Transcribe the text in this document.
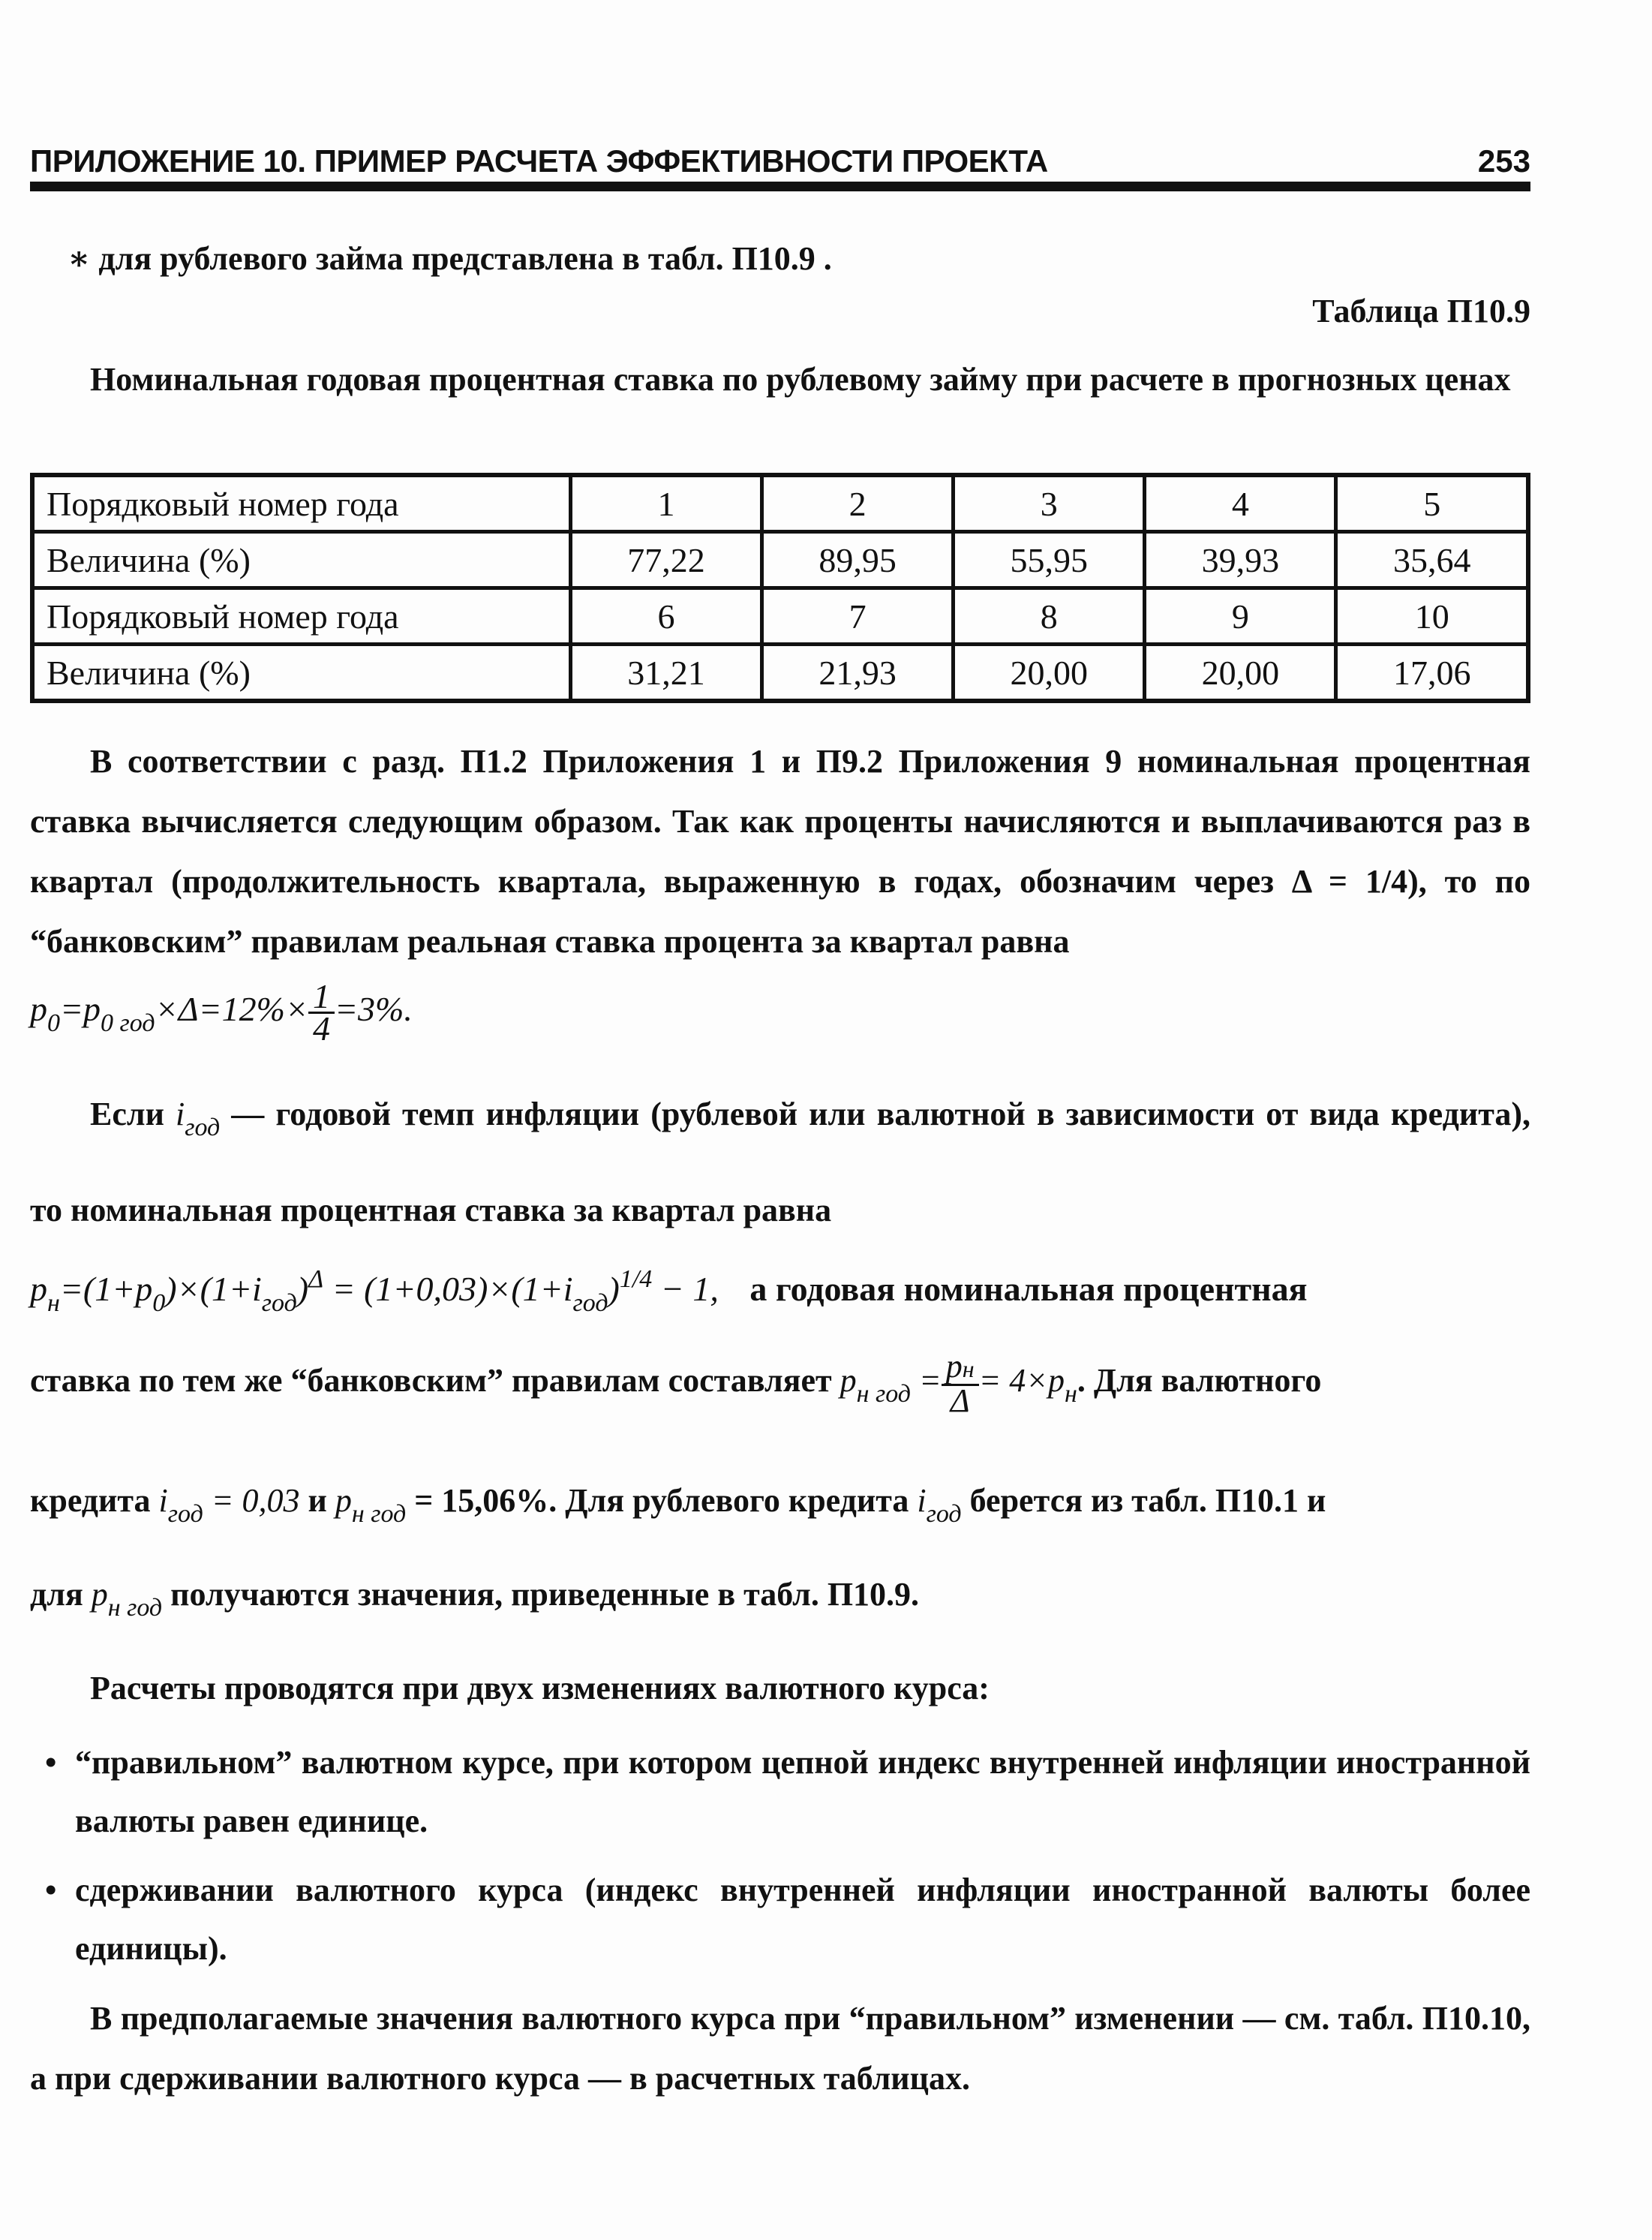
ПРИЛОЖЕНИЕ 10. ПРИМЕР РАСЧЕТА ЭФФЕКТИВНОСТИ ПРОЕКТА	253

∗ для рублевого займа представлена в табл. П10.9 .

Таблица П10.9

Номинальная годовая процентная ставка по рублевому займу при расчете в прогнозных ценах

Порядковый номер года	1	2	3	4	5
Величина (%)	77,22	89,95	55,95	39,93	35,64
Порядковый номер года	6	7	8	9	10
Величина (%)	31,21	21,93	20,00	20,00	17,06

В соответствии с разд. П1.2 Приложения 1 и П9.2 Приложения 9 номинальная процентная ставка вычисляется следующим образом. Так как проценты начисляются и выплачиваются раз в квартал (продолжительность квартала, выраженную в годах, обозначим через Δ = 1/4), то по “банковским” правилам реальная ставка процента за квартал равна

$p_0=p_{0 год}\times\Delta=12\%\times \frac{1}{4} =3\%$.

Если $i_{год}$ — годовой темп инфляции (рублевой или валютной в зависимости от вида кредита), то номинальная процентная ставка за квартал равна

$p_н=(1+p_0)\times(1+i_{год})^\Delta = (1+0,03)\times(1+i_{год})^{1/4} - 1$, а годовая номинальная процентная
ставка по тем же “банковским” правилам составляет $p_{н год} = \frac{pн}{\Delta} = 4\times p_н$. Для валютного
кредита $i_{год} = 0,03$ и $p_{н год} = 15,06\%$. Для рублевого кредита $i_{год}$ берется из табл. П10.1 и
для $p_{н год}$ получаются значения, приведенные в табл. П10.9.

Расчеты проводятся при двух изменениях валютного курса:

• “правильном” валютном курсе, при котором цепной индекс внутренней инфляции иностранной валюты равен единице.
• сдерживании валютного курса (индекс внутренней инфляции иностранной валюты более единицы).

В предполагаемые значения валютного курса при “правильном” изменении — см. табл. П10.10, а при сдерживании валютного курса — в расчетных таблицах.
